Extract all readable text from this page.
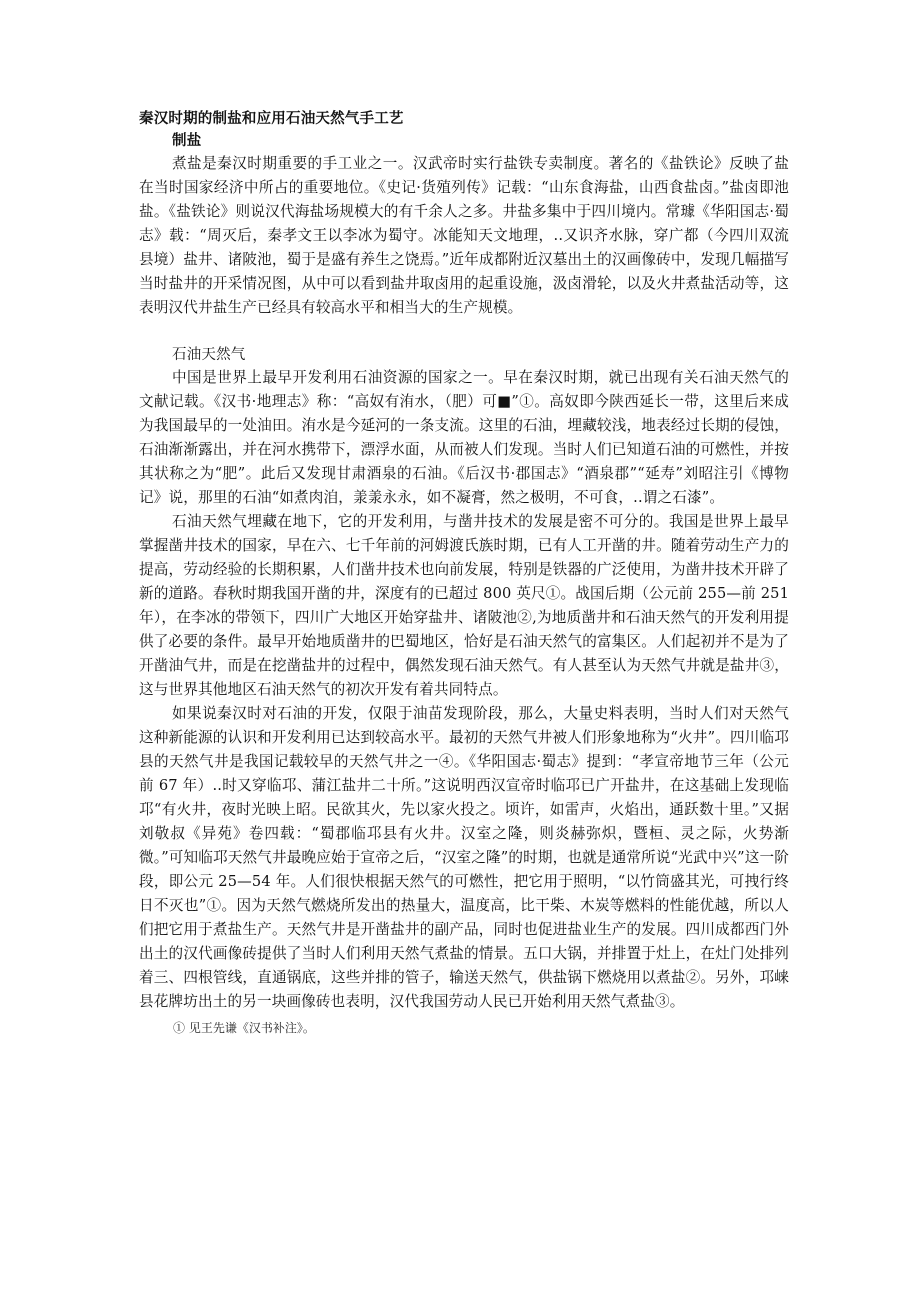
秦汉时期的制盐和应用石油天然气手工艺

制盐

煮盐是秦汉时期重要的手工业之一。汉武帝时实行盐铁专卖制度。著名的《盐铁论》反映了盐在当时国家经济中所占的重要地位。《史记·货殖列传》记载：“山东食海盐，山西食盐卤。”盐卤即池盐。《盐铁论》则说汉代海盐场规模大的有千余人之多。井盐多集中于四川境内。常璩《华阳国志·蜀志》载：“周灭后，秦孝文王以李冰为蜀守。冰能知天文地理，..又识齐水脉，穿广都（今四川双流县境）盐井、诸陂池，蜀于是盛有养生之饶焉。”近年成都附近汉墓出土的汉画像砖中，发现几幅描写当时盐井的开采情况图，从中可以看到盐井取卤用的起重设施，汲卤滑轮，以及火井煮盐活动等，这表明汉代井盐生产已经具有较高水平和相当大的生产规模。

石油天然气

中国是世界上最早开发利用石油资源的国家之一。早在秦汉时期，就已出现有关石油天然气的文献记载。《汉书·地理志》称：“高奴有洧水，（肥）可■”①。高奴即今陕西延长一带，这里后来成为我国最早的一处油田。洧水是今延河的一条支流。这里的石油，埋藏较浅，地表经过长期的侵蚀，石油渐渐露出，并在河水携带下，漂浮水面，从而被人们发现。当时人们已知道石油的可燃性，并按其状称之为“肥”。此后又发现甘肃酒泉的石油。《后汉书·郡国志》“酒泉郡”“延寿”刘昭注引《博物记》说，那里的石油“如煮肉洎，羕羕永永，如不凝膏，然之极明，不可食，..谓之石漆”。

石油天然气埋藏在地下，它的开发利用，与凿井技术的发展是密不可分的。我国是世界上最早掌握凿井技术的国家，早在六、七千年前的河姆渡氏族时期，已有人工开凿的井。随着劳动生产力的提高，劳动经验的长期积累，人们凿井技术也向前发展，特别是铁器的广泛使用，为凿井技术开辟了新的道路。春秋时期我国开凿的井，深度有的已超过 800 英尺①。战国后期（公元前 255—前 251 年），在李冰的带领下，四川广大地区开始穿盐井、诸陂池②,为地质凿井和石油天然气的开发利用提供了必要的条件。最早开始地质凿井的巴蜀地区，恰好是石油天然气的富集区。人们起初并不是为了开凿油气井，而是在挖凿盐井的过程中，偶然发现石油天然气。有人甚至认为天然气井就是盐井③，这与世界其他地区石油天然气的初次开发有着共同特点。

如果说秦汉时对石油的开发，仅限于油苗发现阶段，那么，大量史料表明，当时人们对天然气这种新能源的认识和开发利用已达到较高水平。最初的天然气井被人们形象地称为“火井”。四川临邛县的天然气井是我国记载较早的天然气井之一④。《华阳国志·蜀志》提到：“孝宣帝地节三年（公元前 67 年）..时又穿临邛、蒲江盐井二十所。”这说明西汉宣帝时临邛已广开盐井，在这基础上发现临邛“有火井，夜时光映上昭。民欲其火，先以家火投之。顷许，如雷声，火焰出，通跃数十里。”又据刘敬叔《异苑》卷四载：“蜀郡临邛县有火井。汉室之隆，则炎赫弥炽，暨桓、灵之际，火势渐微。”可知临邛天然气井最晚应始于宣帝之后，“汉室之隆”的时期，也就是通常所说“光武中兴”这一阶段，即公元 25—54 年。人们很快根据天然气的可燃性，把它用于照明，“以竹筒盛其光，可拽行终日不灭也”①。因为天然气燃烧所发出的热量大，温度高，比干柴、木炭等燃料的性能优越，所以人们把它用于煮盐生产。天然气井是开凿盐井的副产品，同时也促进盐业生产的发展。四川成都西门外出土的汉代画像砖提供了当时人们利用天然气煮盐的情景。五口大锅，并排置于灶上，在灶门处排列着三、四根管线，直通锅底，这些并排的管子，输送天然气，供盐锅下燃烧用以煮盐②。另外，邛崃县花牌坊出土的另一块画像砖也表明，汉代我国劳动人民已开始利用天然气煮盐③。

① 见王先谦《汉书补注》。
